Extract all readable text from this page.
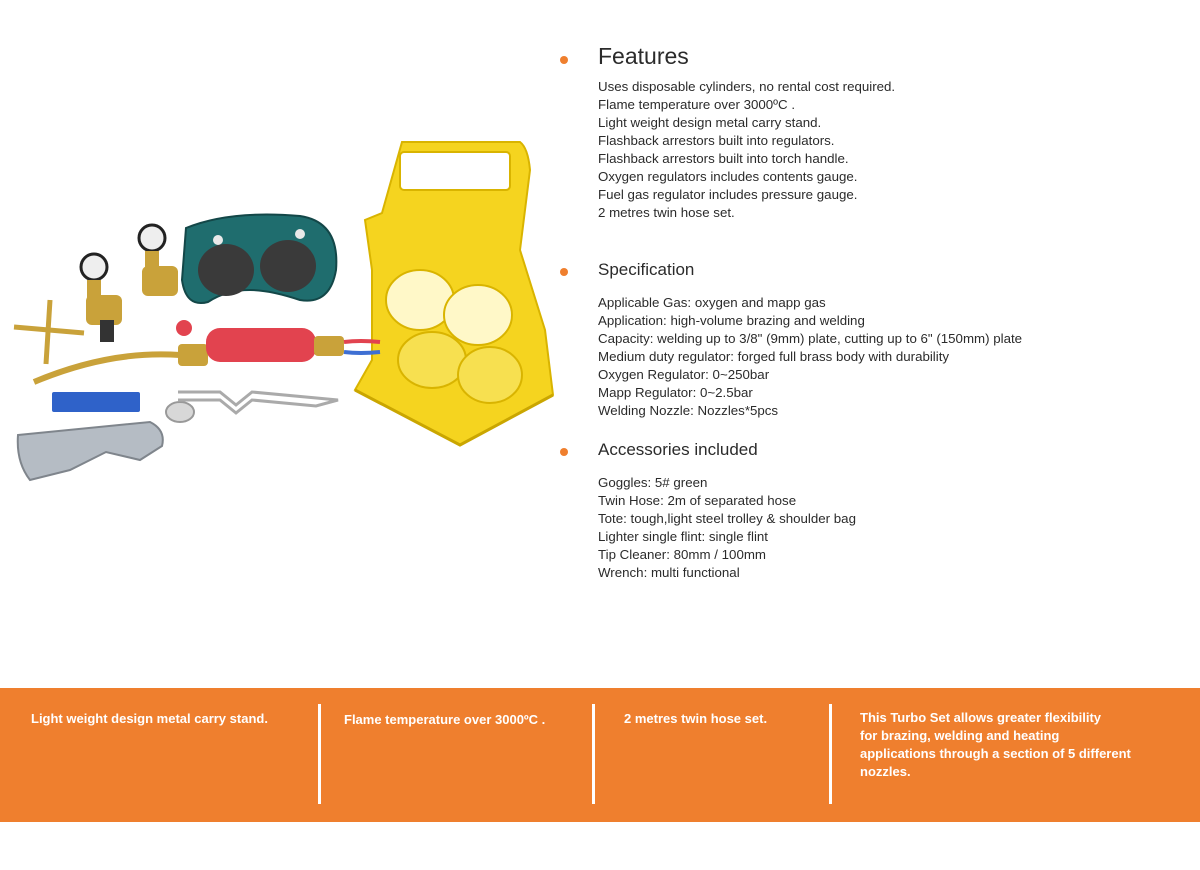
Features
Uses disposable cylinders, no rental cost required.
Flame temperature over 3000ºC .
Light weight design metal carry stand.
Flashback arrestors built into regulators.
Flashback arrestors built into torch handle.
Oxygen regulators includes contents gauge.
Fuel gas regulator includes pressure gauge.
2 metres twin hose set.
Specification
Applicable Gas: oxygen and mapp gas
Application: high-volume brazing and welding
Capacity: welding up to 3/8" (9mm) plate, cutting up to 6" (150mm) plate
Medium duty regulator: forged full brass body with durability
Oxygen Regulator: 0~250bar
Mapp Regulator: 0~2.5bar
Welding Nozzle: Nozzles*5pcs
Accessories included
Goggles: 5# green
Twin Hose: 2m of separated hose
Tote: tough,light steel trolley & shoulder bag
Lighter single flint: single flint
Tip Cleaner: 80mm / 100mm
Wrench: multi functional
Light weight design metal carry stand.	Flame temperature over 3000ºC .	2 metres twin hose set.	This Turbo Set allows greater flexibility
for brazing, welding and heating
applications through a section of 5 different
nozzles.
